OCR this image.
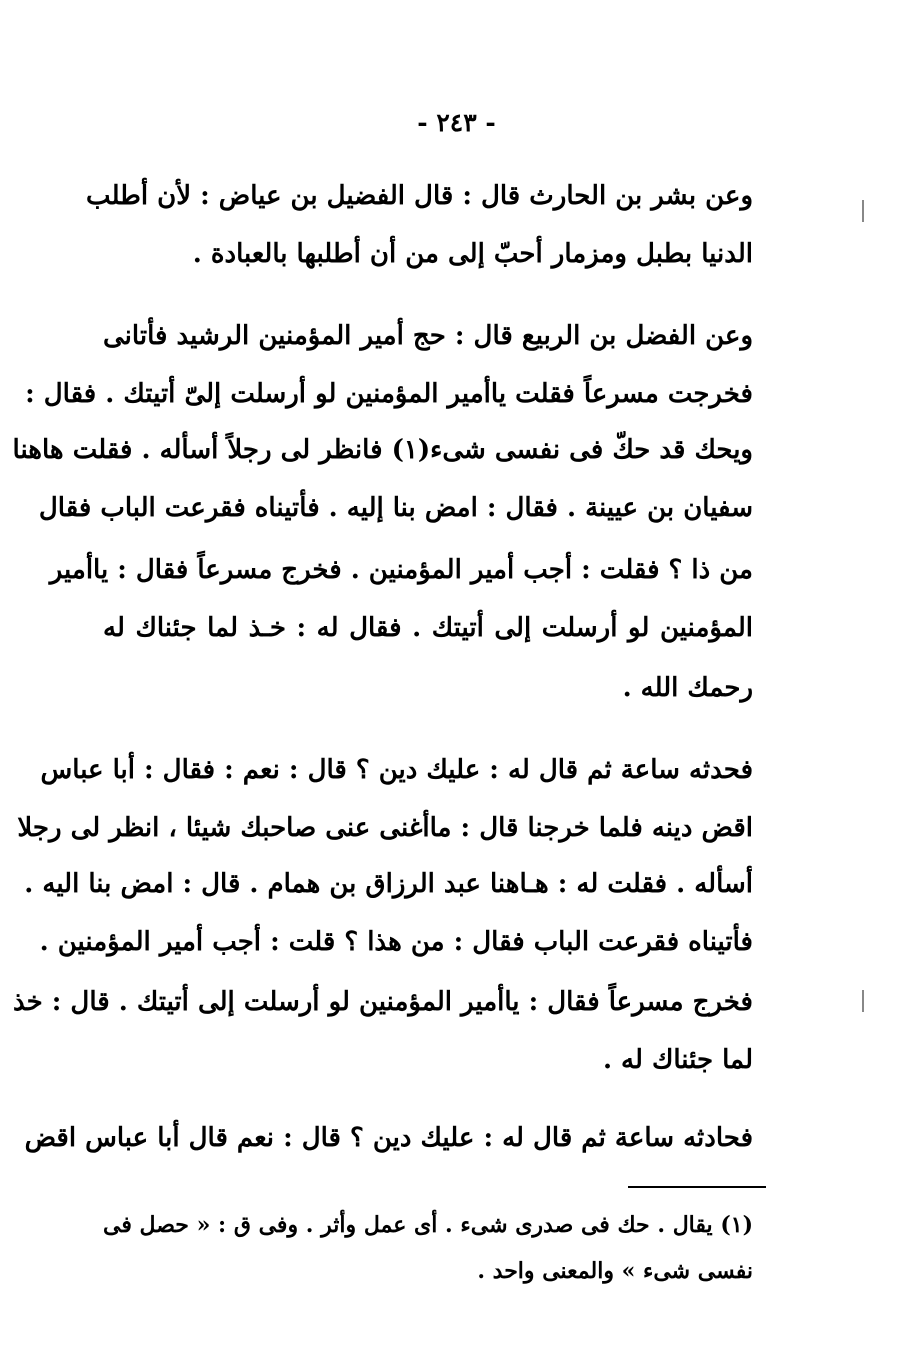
- ٢٤٣ -
وعن بشر بن الحارث قال : قال الفضيل بن عياض : لأن أطلب
الدنيا بطبل ومزمار أحبّ إلى من أن أطلبها بالعبادة .
وعن الفضل بن الربيع قال : حج أمير المؤمنين الرشيد فأتانى
فخرجت مسرعاً فقلت ياأمير المؤمنين لو أرسلت إلىّ أتيتك . فقال :
ويحك قد حكّ فى نفسى شىء(١) فانظر لى رجلاً أسأله . فقلت هاهنا
سفيان بن عيينة . فقال : امض بنا إليه . فأتيناه فقرعت الباب فقال
من ذا ؟ فقلت : أجب أمير المؤمنين . فخرج مسرعاً فقال : ياأمير
المؤمنين لو أرسلت إلى أتيتك . فقال له : خـذ لما جئناك له
رحمك الله .
فحدثه ساعة ثم قال له : عليك دين ؟ قال : نعم : فقال : أبا عباس
اقض دينه فلما خرجنا قال : ماأغنى عنى صاحبك شيئا ، انظر لى رجلا
أسأله . فقلت له : هـاهنا عبد الرزاق بن همام . قال : امض بنا اليه .
فأتيناه فقرعت الباب فقال : من هذا ؟ قلت : أجب أمير المؤمنين .
فخرج مسرعاً فقال : ياأمير المؤمنين لو أرسلت إلى أتيتك . قال : خذ
لما جئناك له .
فحادثه ساعة ثم قال له : عليك دين ؟ قال : نعم قال أبا عباس اقض
(١) يقال . حك فى صدرى شىء . أى عمل وأثر . وفى ق : « حصل فى
نفسى شىء » والمعنى واحد .
